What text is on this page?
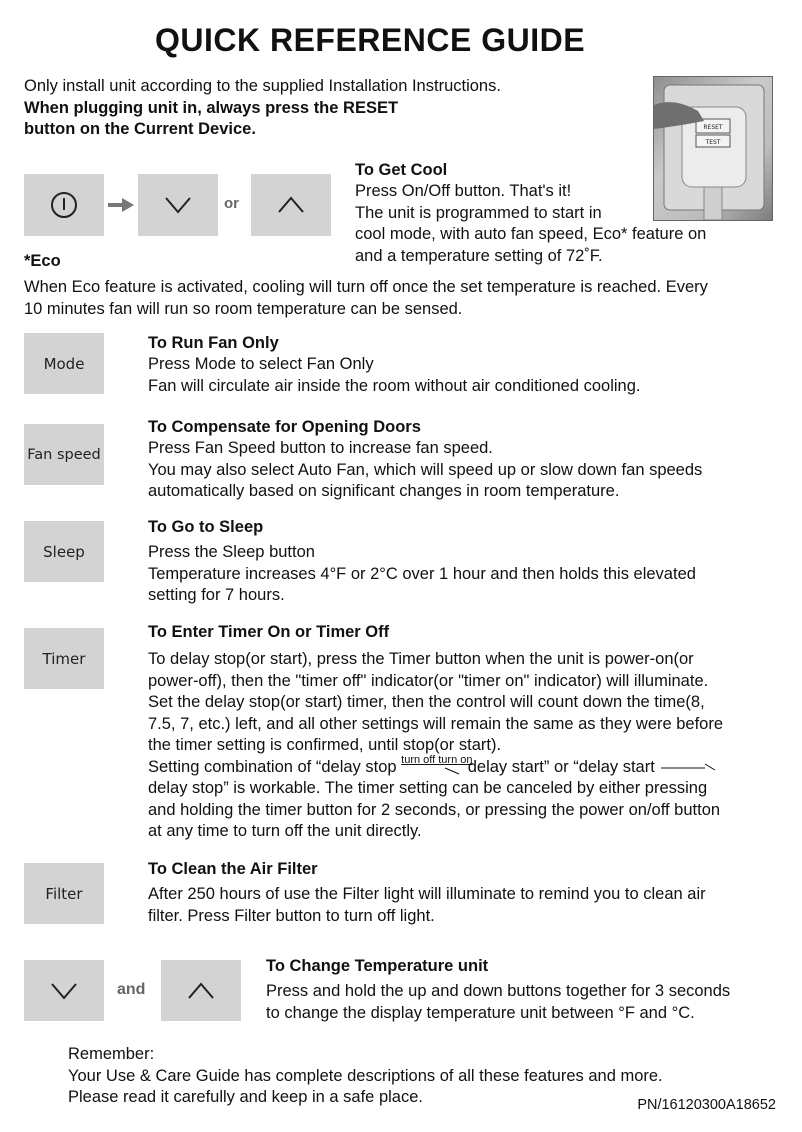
QUICK REFERENCE GUIDE

Only install unit according to the supplied Installation Instructions.

When plugging unit in, always press the RESET

button on the Current Device.	RESET
TEST
or

To Get Cool

Press On/Off button. That's it!

The unit is programmed to start in

cool mode, with auto fan speed, Eco* feature on

and a temperature setting of 72˚F.

*Eco

When Eco feature is activated, cooling will turn off once the set temperature is reached. Every

10 minutes fan will run so room temperature can be sensed.

Mode

To Run Fan Only

Press Mode to select Fan Only

Fan will circulate air inside the room without air conditioned cooling.

Fan speed

To Compensate for Opening Doors

Press Fan Speed button to increase fan speed.

You may also select Auto Fan, which will speed up or slow down fan speeds

automatically based on significant changes in room temperature.

Sleep

To Go to Sleep

Press the Sleep button

Temperature increases 4°F or 2°C over 1 hour and then holds this elevated

setting for 7 hours.

Timer

To Enter Timer On or Timer Off

To delay stop(or start), press the Timer button when the unit is power-on(or

power-off), then the "timer off" indicator(or "timer on" indicator) will illuminate.

Set the delay stop(or start) timer, then the control will count down the time(8,

7.5, 7, etc.) left, and all other settings will remain the same as they were before

the timer setting is confirmed, until stop(or start).

Setting combination of “delay stop turn off turn on
delay start” or “delay start

delay stop” is workable. The timer setting can be canceled by either pressing

and holding the timer button for 2 seconds, or pressing the power on/off button

at any time to turn off the unit directly.

Filter

To Clean the Air Filter

After 250 hours of use the Filter light will illuminate to remind you to clean air

filter. Press Filter button to turn off light.

and

To Change Temperature unit

Press and hold the up and down buttons together for 3 seconds

to change the display temperature unit between °F and °C.

Remember:

Your Use & Care Guide has complete descriptions of all these features and more.

Please read it carefully and keep in a safe place.	PN/16120300A18652
